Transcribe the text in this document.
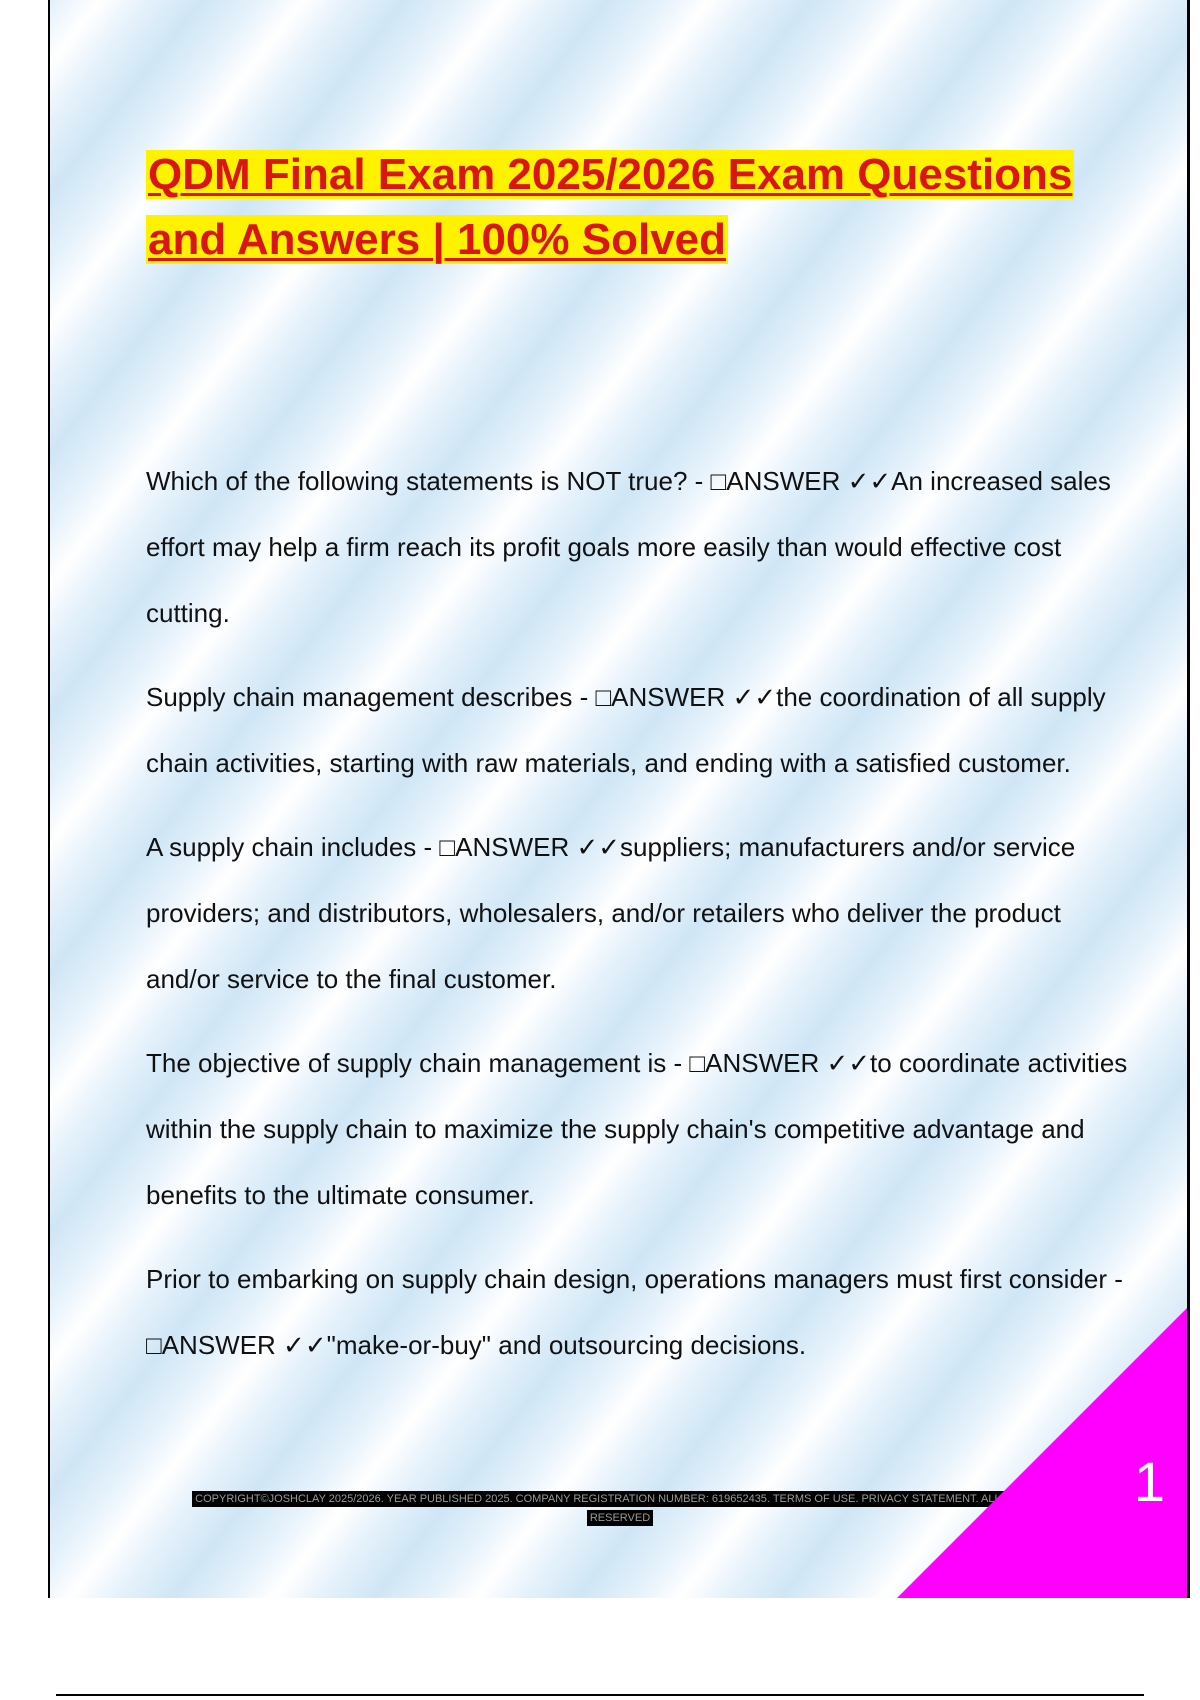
QDM Final Exam 2025/2026 Exam Questions and Answers | 100% Solved
Which of the following statements is NOT true? - □ANSWER ✓✓An increased sales effort may help a firm reach its profit goals more easily than would effective cost cutting.
Supply chain management describes - □ANSWER ✓✓the coordination of all supply chain activities, starting with raw materials, and ending with a satisfied customer.
A supply chain includes - □ANSWER ✓✓suppliers; manufacturers and/or service providers; and distributors, wholesalers, and/or retailers who deliver the product and/or service to the final customer.
The objective of supply chain management is - □ANSWER ✓✓to coordinate activities within the supply chain to maximize the supply chain's competitive advantage and benefits to the ultimate consumer.
Prior to embarking on supply chain design, operations managers must first consider - □ANSWER ✓✓"make-or-buy" and outsourcing decisions.
COPYRIGHT©JOSHCLAY 2025/2026. YEAR PUBLISHED 2025. COMPANY REGISTRATION NUMBER: 619652435. TERMS OF USE. PRIVACY STATEMENT. ALL RIGHTS RESERVED
1
